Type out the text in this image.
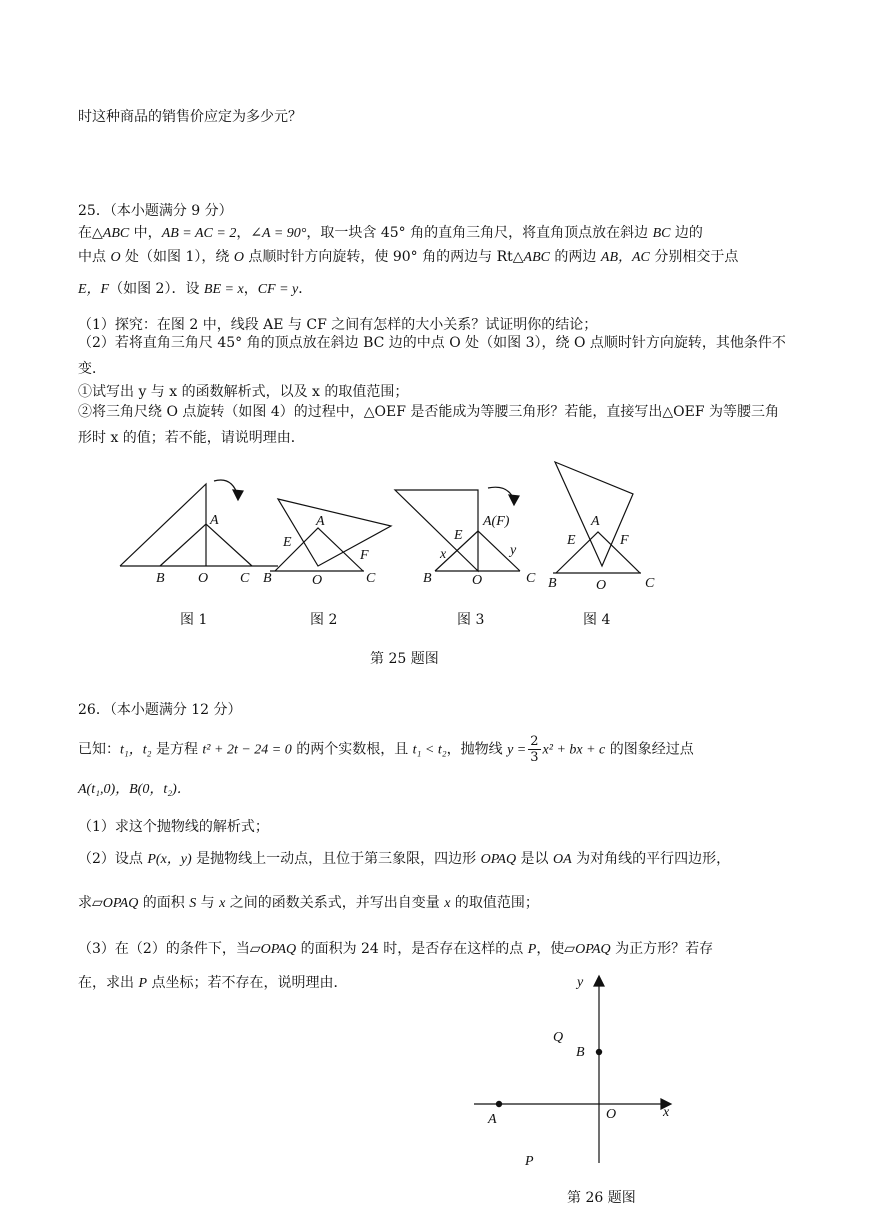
时这种商品的销售价应定为多少元？
25．（本小题满分 9 分）
在△ABC 中，AB = AC = 2，∠A = 90°，取一块含 45° 角的直角三角尺，将直角顶点放在斜边 BC 边的
中点 O 处（如图 1），绕 O 点顺时针方向旋转，使 90° 角的两边与 Rt△ABC 的两边 AB，AC 分别相交于点
E，F（如图 2）．设 BE = x，CF = y．
（1）探究：在图 2 中，线段 AE 与 CF 之间有怎样的大小关系？试证明你的结论；
（2）若将直角三角尺 45° 角的顶点放在斜边 BC 边的中点 O 处（如图 3），绕 O 点顺时针方向旋转，其他条件不变．
①试写出 y 与 x 的函数解析式，以及 x 的取值范围；
②将三角尺绕 O 点旋转（如图 4）的过程中，△OEF 是否能成为等腰三角形？若能，直接写出△OEF 为等腰三角形时 x 的值；若不能，请说明理由．
A
B O C
A
E
F
B	O	C
A(F)
E
x	y
B	O	C
A
E	F
B	O	C
图 1	图 2	图 3	图 4
第 25 题图
26．（本小题满分 12 分）
已知：t₁，t₂ 是方程 t² + 2t − 24 = 0 的两个实数根，且 t₁ < t₂，抛物线 $y = \frac{2}{3} x^2$ + bx + c 的图象经过点
A(t₁,0)，B(0，t₂)．
（1）求这个抛物线的解析式；
（2）设点 P(x，y) 是抛物线上一动点，且位于第三象限，四边形 OPAQ 是以 OA 为对角线的平行四边形，
求▱OPAQ 的面积 S 与 x 之间的函数关系式，并写出自变量 x 的取值范围；
（3）在（2）的条件下，当▱OPAQ 的面积为 24 时，是否存在这样的点 P，使▱OPAQ 为正方形？若存
在，求出 P 点坐标；若不存在，说明理由．	y
x
O
A
B
Q
P
第 26 题图
